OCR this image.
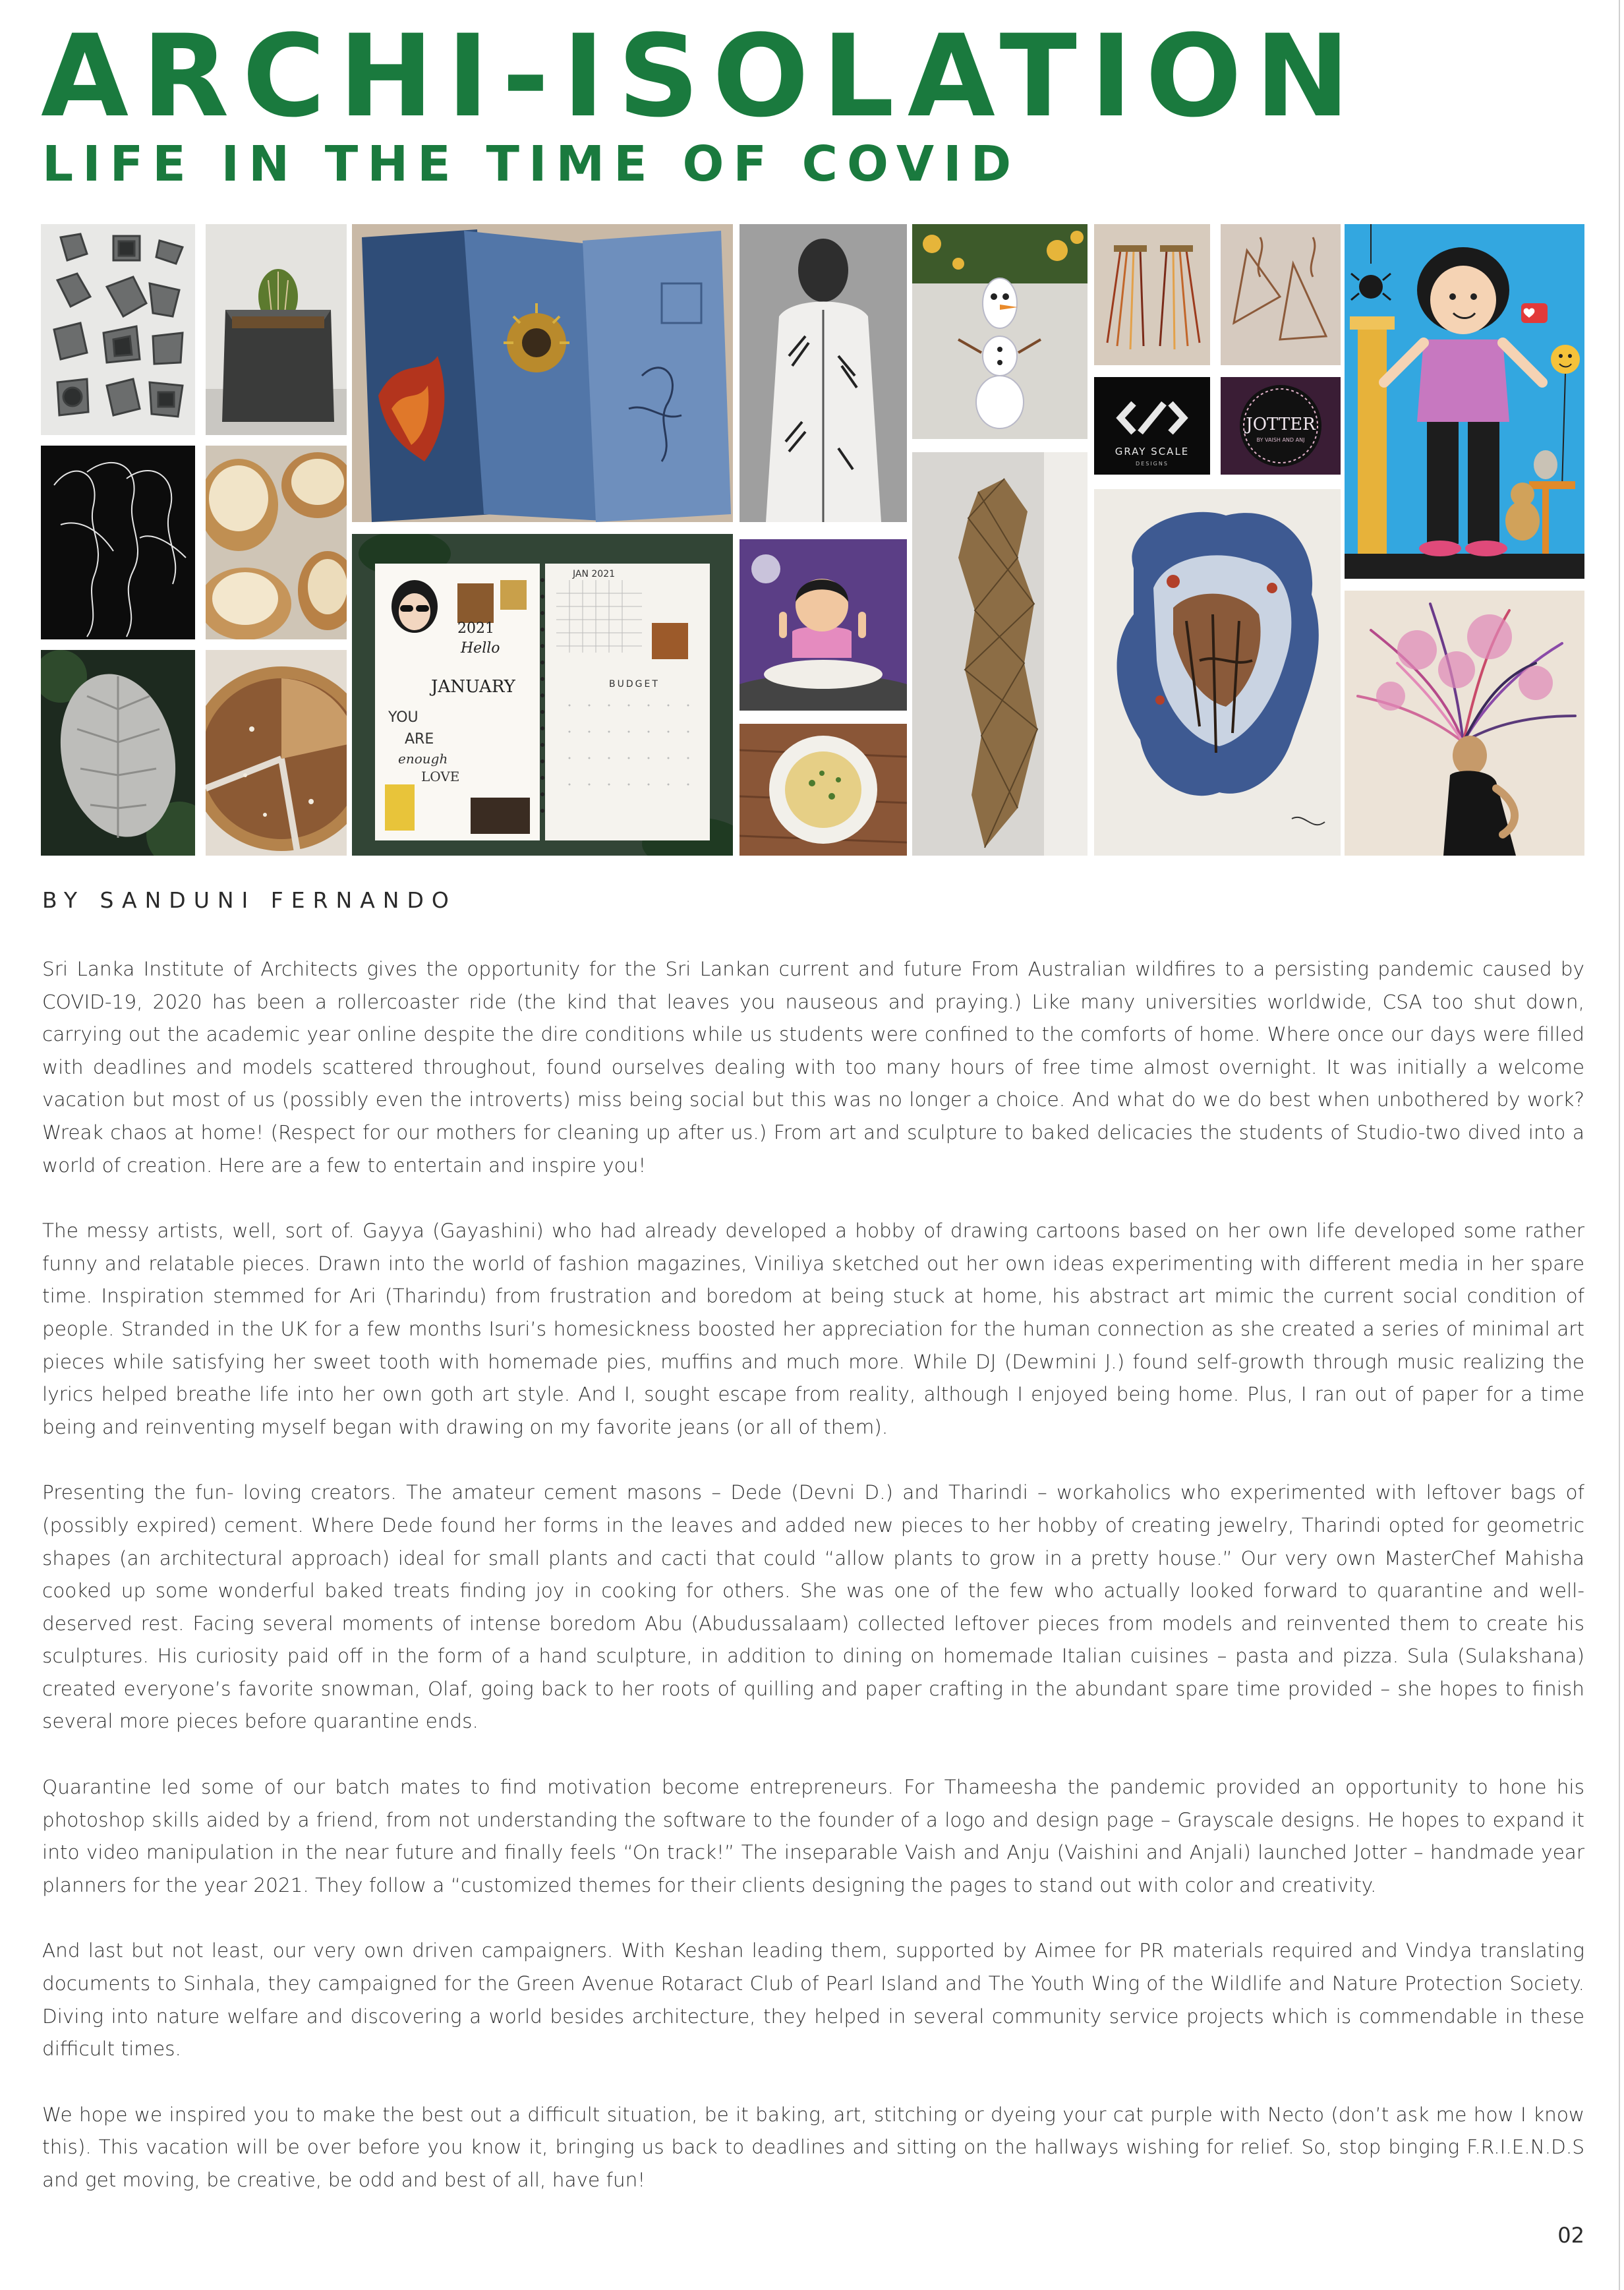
ARCHI-ISOLATION
LIFE IN THE TIME OF COVID
2021
Hello
JANUARY
YOU
ARE
enough
LOVE
JAN 2021
BUDGET
GRAY SCALE
DESIGNS
JOTTER
BY VAISH AND ANJ

BY SANDUNI FERNANDO

Sri Lanka Institute of Architects gives the opportunity for the Sri Lankan current and future From Australian wildfires to a persisting pandemic caused by COVID-19, 2020 has been a rollercoaster ride (the kind that leaves you nauseous and praying.) Like many universities worldwide, CSA too shut down, carrying out the academic year online despite the dire conditions while us students were confined to the comforts of home. Where once our days were filled with deadlines and models scattered throughout, found ourselves dealing with too many hours of free time almost overnight. It was initially a welcome vacation but most of us (possibly even the introverts) miss being social but this was no longer a choice. And what do we do best when unbothered by work? Wreak chaos at home! (Respect for our mothers for cleaning up after us.) From art and sculpture to baked delicacies the students of Studio-two dived into a world of creation. Here are a few to entertain and inspire you!

The messy artists, well, sort of. Gayya (Gayashini) who had already developed a hobby of drawing cartoons based on her own life developed some rather funny and relatable pieces. Drawn into the world of fashion magazines, Viniliya sketched out her own ideas experimenting with different media in her spare time. Inspiration stemmed for Ari (Tharindu) from frustration and boredom at being stuck at home, his abstract art mimic the current social condition of people. Stranded in the UK for a few months Isuri’s homesickness boosted her appreciation for the human connection as she created a series of minimal art pieces while satisfying her sweet tooth with homemade pies, muffins and much more. While DJ (Dewmini J.) found self-growth through music realizing the lyrics helped breathe life into her own goth art style. And I, sought escape from reality, although I enjoyed being home. Plus, I ran out of paper for a time being and reinventing myself began with drawing on my favorite jeans (or all of them).

Presenting the fun- loving creators. The amateur cement masons – Dede (Devni D.) and Tharindi – workaholics who experimented with leftover bags of (possibly expired) cement. Where Dede found her forms in the leaves and added new pieces to her hobby of creating jewelry, Tharindi opted for geometric shapes (an architectural approach) ideal for small plants and cacti that could “allow plants to grow in a pretty house.” Our very own MasterChef Mahisha cooked up some wonderful baked treats finding joy in cooking for others. She was one of the few who actually looked forward to quarantine and well-deserved rest. Facing several moments of intense boredom Abu (Abudussalaam) collected leftover pieces from models and reinvented them to create his sculptures. His curiosity paid off in the form of a hand sculpture, in addition to dining on homemade Italian cuisines – pasta and pizza. Sula (Sulakshana) created everyone’s favorite snowman, Olaf, going back to her roots of quilling and paper crafting in the abundant spare time provided – she hopes to finish several more pieces before quarantine ends.

Quarantine led some of our batch mates to find motivation become entrepreneurs. For Thameesha the pandemic provided an opportunity to hone his photoshop skills aided by a friend, from not understanding the software to the founder of a logo and design page – Grayscale designs. He hopes to expand it into video manipulation in the near future and finally feels “On track!” The inseparable Vaish and Anju (Vaishini and Anjali) launched Jotter – handmade year planners for the year 2021. They follow a “customized themes for their clients designing the pages to stand out with color and creativity.

And last but not least, our very own driven campaigners. With Keshan leading them, supported by Aimee for PR materials required and Vindya translating documents to Sinhala, they campaigned for the Green Avenue Rotaract Club of Pearl Island and The Youth Wing of the Wildlife and Nature Protection Society. Diving into nature welfare and discovering a world besides architecture, they helped in several community service projects which is commendable in these difficult times.

We hope we inspired you to make the best out a difficult situation, be it baking, art, stitching or dyeing your cat purple with Necto (don’t ask me how I know this). This vacation will be over before you know it, bringing us back to deadlines and sitting on the hallways wishing for relief. So, stop binging F.R.I.E.N.D.S and get moving, be creative, be odd and best of all, have fun!

02
